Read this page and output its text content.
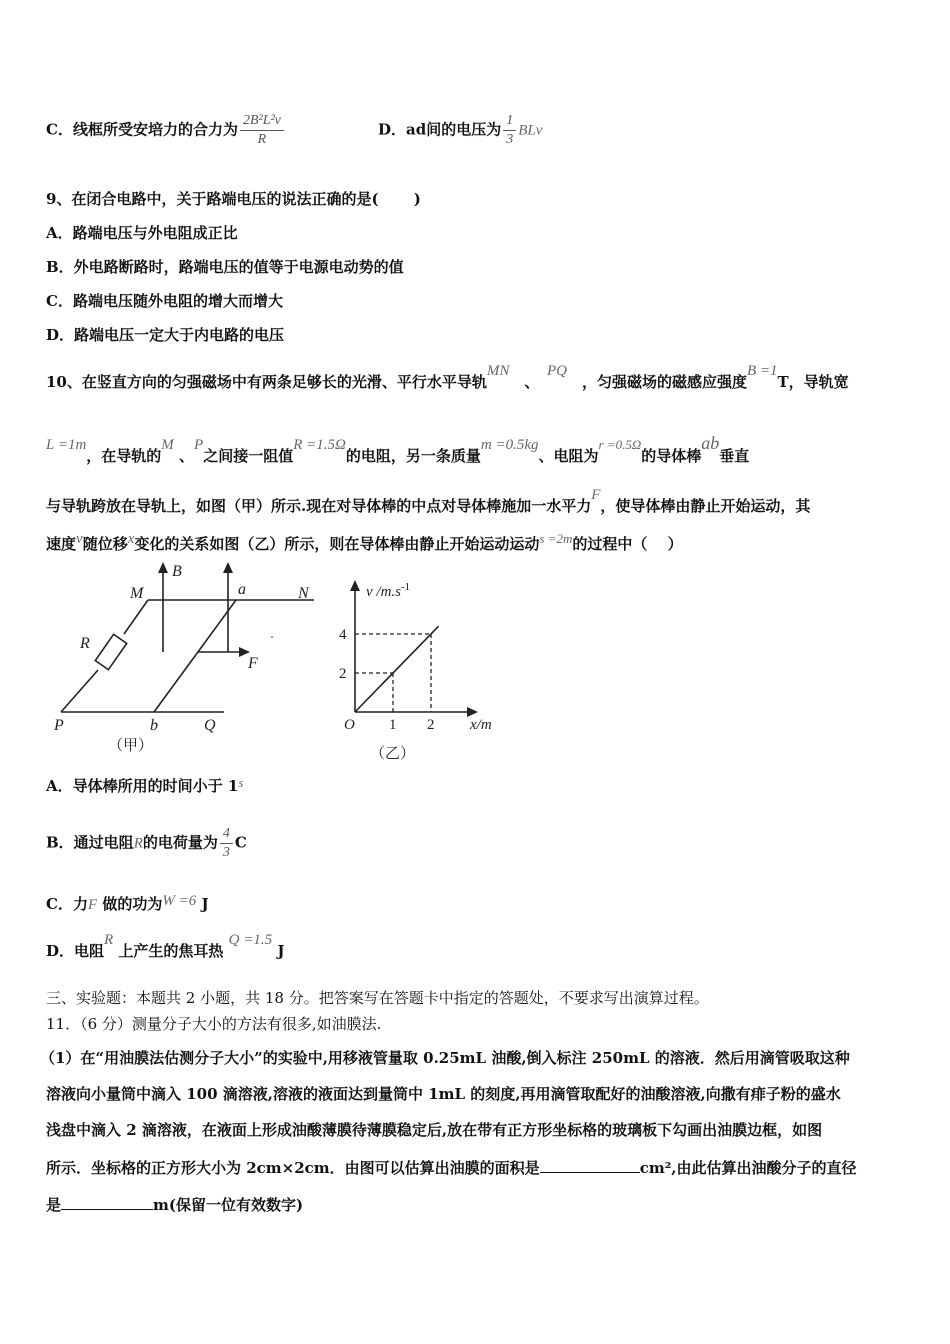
C．线框所受安培力的合力为 $\frac{\text{2B²L²v}}{R}$	D．ad间的电压为 $\frac{1}{3}$ BLv
9、在闭合电路中，关于路端电压的说法正确的是(　　 )
A．路端电压与外电阻成正比
B．外电路断路时，路端电压的值等于电源电动势的值
C．路端电压随外电阻的增大而增大
D．路端电压一定大于内电路的电压
10、在竖直方向的匀强磁场中有两条足够长的光滑、平行水平导轨MN　、　PQ　，匀强磁场的磁感应强度B =1T，导轨宽
L =1m，在导轨的M 、P之间接一阻值R =1.5Ω的电阻，另一条质量m =0.5kg、电阻为r =0.5Ω的导体棒ab垂直
与导轨跨放在导轨上，如图（甲）所示.现在对导体棒的中点对导体棒施加一水平力F，使导体棒由静止开始运动，其
速度v随位移x变化的关系如图（乙）所示，则在导体棒由静止开始运动运动s =2m的过程中（　 ）
B
a
M	N
R
F
P	b	Q
（甲）
1 2
2
4
v $/m.s^{-1}$
x/m
O
（乙）
A．导体棒所用的时间小于 1s
B．通过电阻R的电荷量为 $\frac{4}{3}$ C
C．力F 做的功为W =6 J
D．电阻R 上产生的焦耳热 Q =1.5 J
三、实验题：本题共 2 小题，共 18 分。把答案写在答题卡中指定的答题处，不要求写出演算过程。
11．（6 分）测量分子大小的方法有很多,如油膜法.
（1）在“用油膜法估测分子大小”的实验中,用移液管量取 0.25mL 油酸,倒入标注 250mL 的溶液．然后用滴管吸取这种
溶液向小量筒中滴入 100 滴溶液,溶液的液面达到量筒中 1mL 的刻度,再用滴管取配好的油酸溶液,向撒有痱子粉的盛水
浅盘中滴入 2 滴溶液，在液面上形成油酸薄膜待薄膜稳定后,放在带有正方形坐标格的玻璃板下勾画出油膜边框，如图
所示．坐标格的正方形大小为 2cm×2cm．由图可以估算出油膜的面积是	cm²,由此估算出油酸分子的直径
是	m(保留一位有效数字)
